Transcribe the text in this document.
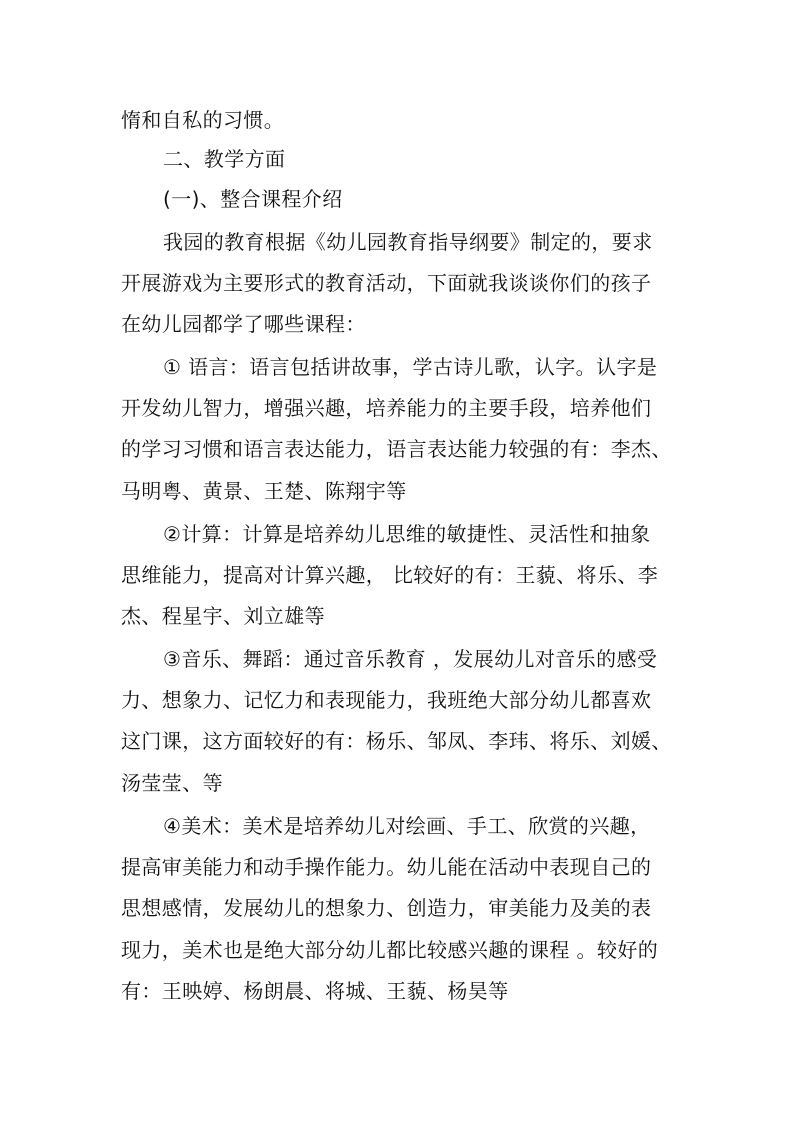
惰和自私的习惯。
二、教学方面
(一)、整合课程介绍
我园的教育根据《幼儿园教育指导纲要》制定的，要求
开展游戏为主要形式的教育活动，下面就我谈谈你们的孩子
在幼儿园都学了哪些课程：
① 语言：语言包括讲故事，学古诗儿歌，认字。认字是
开发幼儿智力，增强兴趣，培养能力的主要手段，培养他们
的学习习惯和语言表达能力，语言表达能力较强的有：李杰、
马明粤、黄景、王楚、陈翔宇等
②计算：计算是培养幼儿思维的敏捷性、灵活性和抽象
思维能力，提高对计算兴趣， 比较好的有：王藐、将乐、李
杰、程星宇、刘立雄等
③音乐、舞蹈：通过音乐教育 ，发展幼儿对音乐的感受
力、想象力、记忆力和表现能力，我班绝大部分幼儿都喜欢
这门课，这方面较好的有：杨乐、邹凤、李玮、将乐、刘媛、
汤莹莹、等
④美术：美术是培养幼儿对绘画、手工、欣赏的兴趣，
提高审美能力和动手操作能力。幼儿能在活动中表现自己的
思想感情，发展幼儿的想象力、创造力，审美能力及美的表
现力，美术也是绝大部分幼儿都比较感兴趣的课程 。较好的
有：王映婷、杨朗晨、将城、王藐、杨昊等
